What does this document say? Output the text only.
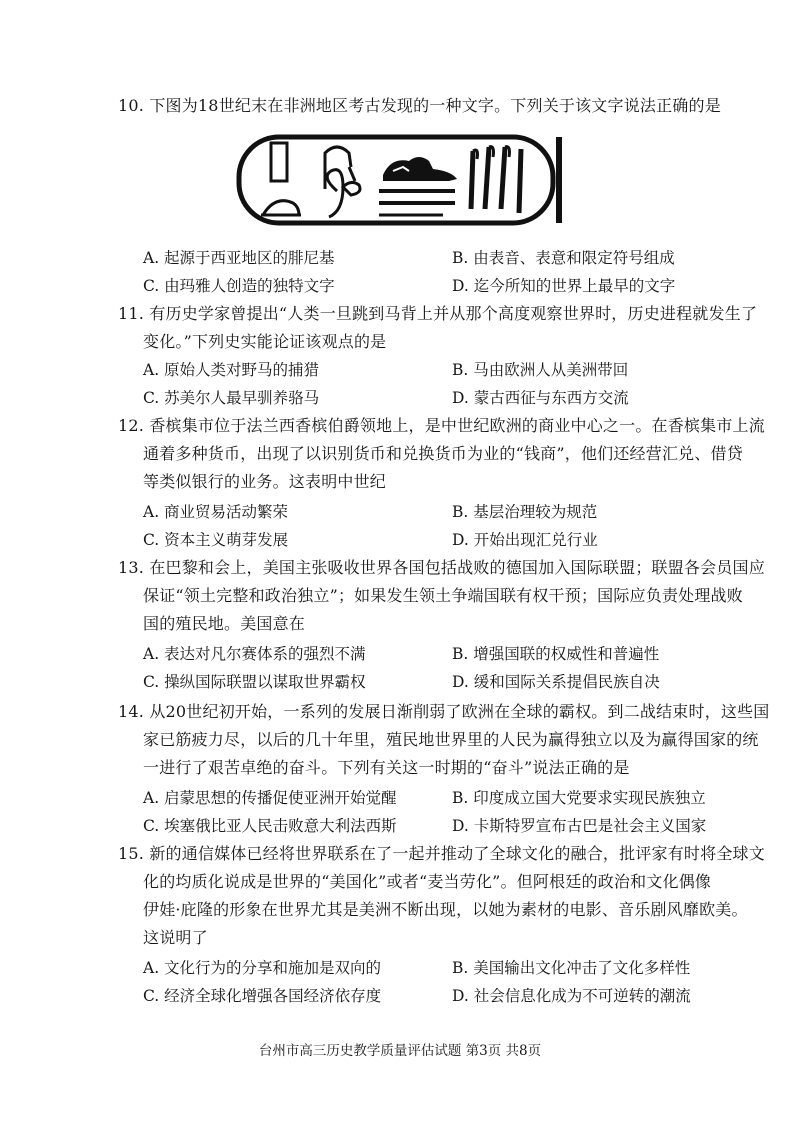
10. 下图为18世纪末在非洲地区考古发现的一种文字。下列关于该文字说法正确的是
A. 起源于西亚地区的腓尼基	B. 由表音、表意和限定符号组成
C. 由玛雅人创造的独特文字	D. 迄今所知的世界上最早的文字
11. 有历史学家曾提出“人类一旦跳到马背上并从那个高度观察世界时，历史进程就发生了
变化。”下列史实能论证该观点的是
A. 原始人类对野马的捕猎	B. 马由欧洲人从美洲带回
C. 苏美尔人最早驯养骆马	D. 蒙古西征与东西方交流
12. 香槟集市位于法兰西香槟伯爵领地上，是中世纪欧洲的商业中心之一。在香槟集市上流
通着多种货币，出现了以识别货币和兑换货币为业的“钱商”，他们还经营汇兑、借贷
等类似银行的业务。这表明中世纪
A. 商业贸易活动繁荣	B. 基层治理较为规范
C. 资本主义萌芽发展	D. 开始出现汇兑行业
13. 在巴黎和会上，美国主张吸收世界各国包括战败的德国加入国际联盟；联盟各会员国应
保证“领土完整和政治独立”；如果发生领土争端国联有权干预；国际应负责处理战败
国的殖民地。美国意在
A. 表达对凡尔赛体系的强烈不满	B. 增强国联的权威性和普遍性
C. 操纵国际联盟以谋取世界霸权	D. 缓和国际关系提倡民族自决
14. 从20世纪初开始，一系列的发展日渐削弱了欧洲在全球的霸权。到二战结束时，这些国
家已筋疲力尽，以后的几十年里，殖民地世界里的人民为赢得独立以及为赢得国家的统
一进行了艰苦卓绝的奋斗。下列有关这一时期的“奋斗”说法正确的是
A. 启蒙思想的传播促使亚洲开始觉醒	B. 印度成立国大党要求实现民族独立
C. 埃塞俄比亚人民击败意大利法西斯	D. 卡斯特罗宣布古巴是社会主义国家
15. 新的通信媒体已经将世界联系在了一起并推动了全球文化的融合，批评家有时将全球文
化的均质化说成是世界的“美国化”或者“麦当劳化”。但阿根廷的政治和文化偶像
伊娃·庇隆的形象在世界尤其是美洲不断出现，以她为素材的电影、音乐剧风靡欧美。
这说明了
A. 文化行为的分享和施加是双向的	B. 美国输出文化冲击了文化多样性
C. 经济全球化增强各国经济依存度	D. 社会信息化成为不可逆转的潮流
台州市高三历史教学质量评估试题 第3页 共8页
